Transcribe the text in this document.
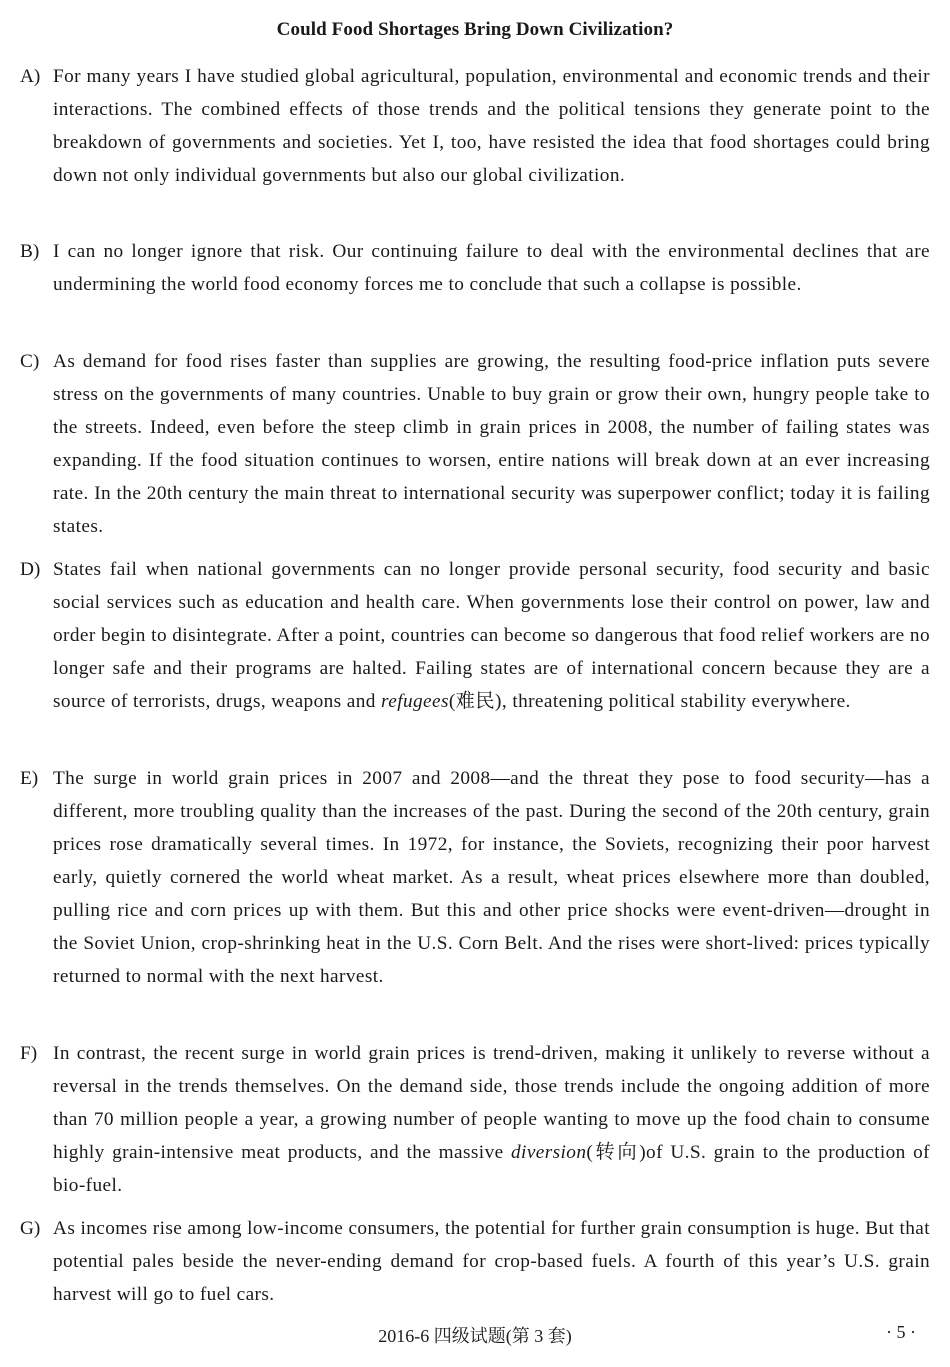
Could Food Shortages Bring Down Civilization?
A) For many years I have studied global agricultural, population, environmental and economic trends and their interactions. The combined effects of those trends and the political tensions they generate point to the breakdown of governments and societies. Yet I, too, have resisted the idea that food shortages could bring down not only individual governments but also our global civilization.
B) I can no longer ignore that risk. Our continuing failure to deal with the environmental declines that are undermining the world food economy forces me to conclude that such a collapse is possible.
C) As demand for food rises faster than supplies are growing, the resulting food-price inflation puts severe stress on the governments of many countries. Unable to buy grain or grow their own, hungry people take to the streets. Indeed, even before the steep climb in grain prices in 2008, the number of failing states was expanding. If the food situation continues to worsen, entire nations will break down at an ever increasing rate. In the 20th century the main threat to international security was superpower conflict; today it is failing states.
D) States fail when national governments can no longer provide personal security, food security and basic social services such as education and health care. When governments lose their control on power, law and order begin to disintegrate. After a point, countries can become so dangerous that food relief workers are no longer safe and their programs are halted. Failing states are of international concern because they are a source of terrorists, drugs, weapons and refugees(难民), threatening political stability everywhere.
E) The surge in world grain prices in 2007 and 2008—and the threat they pose to food security—has a different, more troubling quality than the increases of the past. During the second of the 20th century, grain prices rose dramatically several times. In 1972, for instance, the Soviets, recognizing their poor harvest early, quietly cornered the world wheat market. As a result, wheat prices elsewhere more than doubled, pulling rice and corn prices up with them. But this and other price shocks were event-driven—drought in the Soviet Union, crop-shrinking heat in the U.S. Corn Belt. And the rises were short-lived: prices typically returned to normal with the next harvest.
F) In contrast, the recent surge in world grain prices is trend-driven, making it unlikely to reverse without a reversal in the trends themselves. On the demand side, those trends include the ongoing addition of more than 70 million people a year, a growing number of people wanting to move up the food chain to consume highly grain-intensive meat products, and the massive diversion(转向)of U.S. grain to the production of bio-fuel.
G) As incomes rise among low-income consumers, the potential for further grain consumption is huge. But that potential pales beside the never-ending demand for crop-based fuels. A fourth of this year’s U.S. grain harvest will go to fuel cars.
2016-6 四级试题(第 3 套)	· 5 ·
